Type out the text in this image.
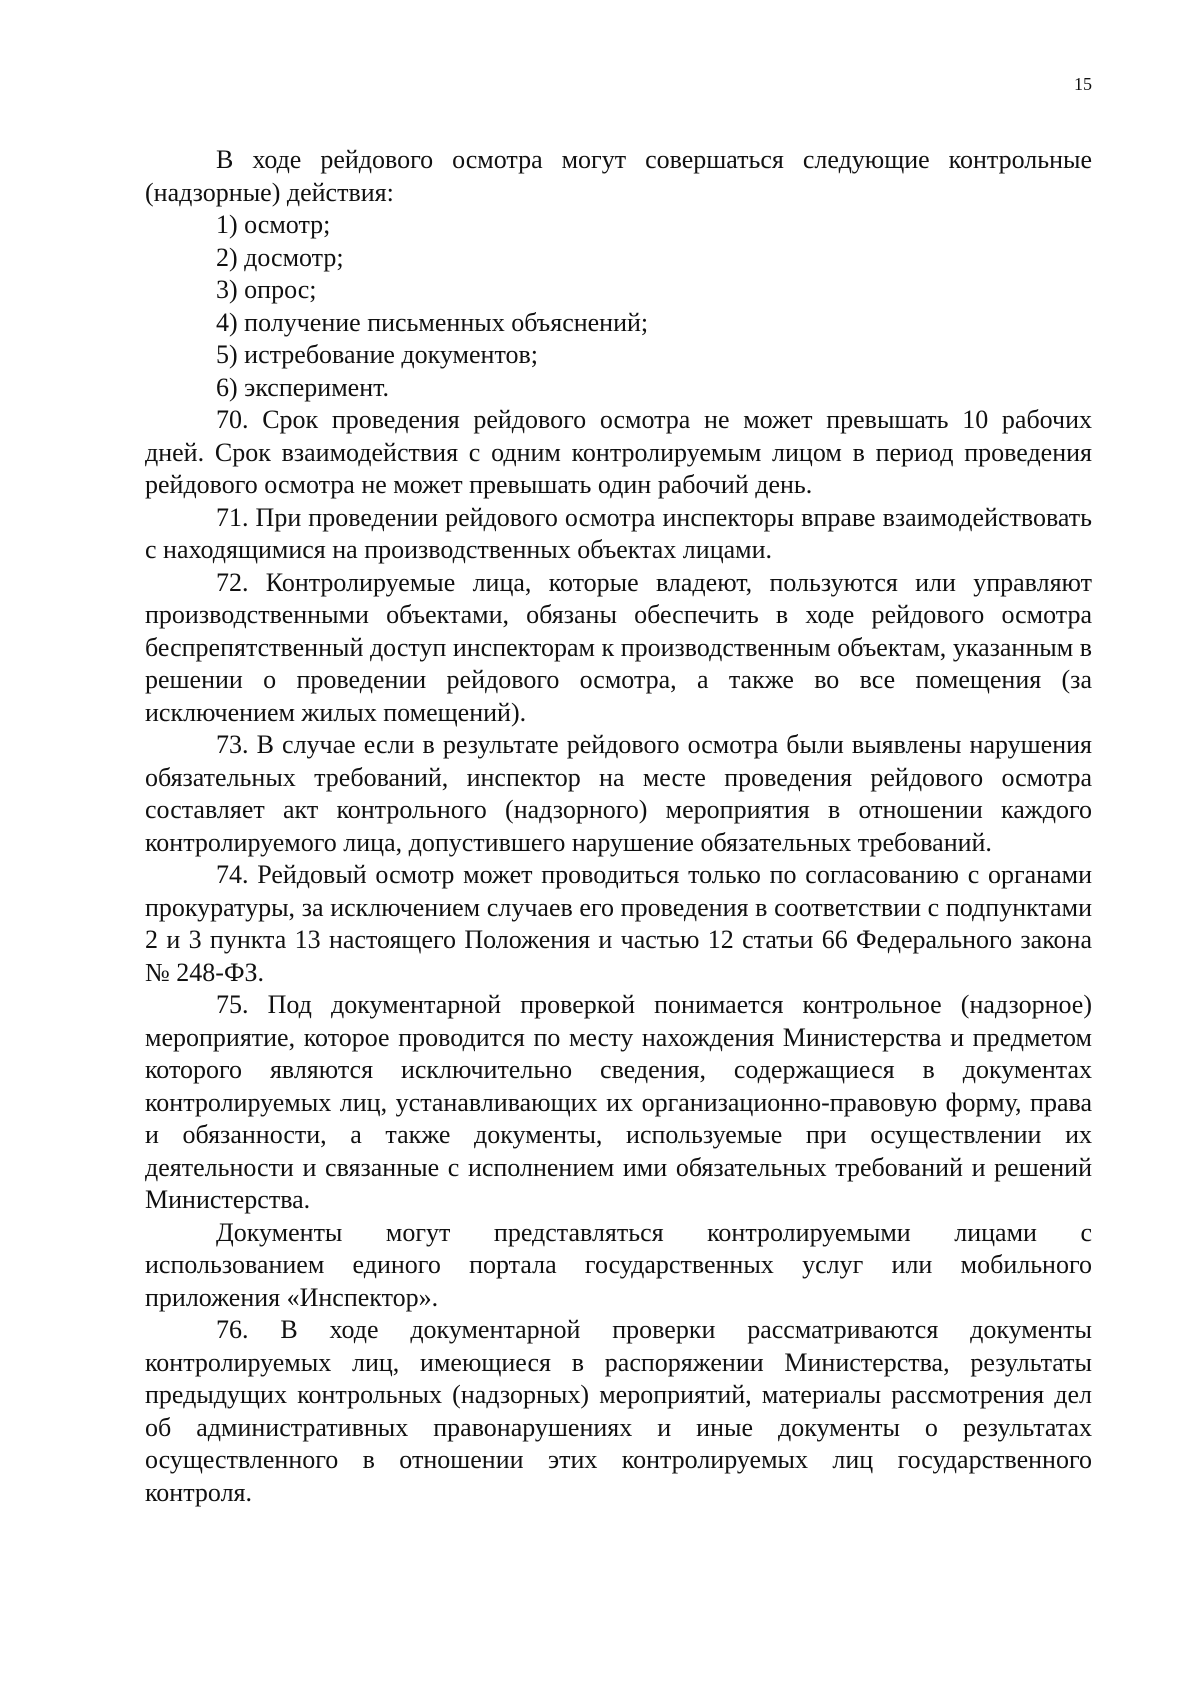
15

В ходе рейдового осмотра могут совершаться следующие контрольные (надзорные) действия:

1) осмотр;

2) досмотр;

3) опрос;

4) получение письменных объяснений;

5) истребование документов;

6) эксперимент.

70. Срок проведения рейдового осмотра не может превышать 10 рабочих дней. Срок взаимодействия с одним контролируемым лицом в период проведения рейдового осмотра не может превышать один рабочий день.

71. При проведении рейдового осмотра инспекторы вправе взаимодействовать с находящимися на производственных объектах лицами.

72. Контролируемые лица, которые владеют, пользуются или управляют производственными объектами, обязаны обеспечить в ходе рейдового осмотра беспрепятственный доступ инспекторам к производственным объектам, указанным в решении о проведении рейдового осмотра, а также во все помещения (за исключением жилых помещений).

73. В случае если в результате рейдового осмотра были выявлены нарушения обязательных требований, инспектор на месте проведения рейдового осмотра составляет акт контрольного (надзорного) мероприятия в отношении каждого контролируемого лица, допустившего нарушение обязательных требований.

74. Рейдовый осмотр может проводиться только по согласованию с органами прокуратуры, за исключением случаев его проведения в соответствии с подпунктами 2 и 3 пункта 13 настоящего Положения и частью 12 статьи 66 Федерального закона № 248-ФЗ.

75. Под документарной проверкой понимается контрольное (надзорное) мероприятие, которое проводится по месту нахождения Министерства и предметом которого являются исключительно сведения, содержащиеся в документах контролируемых лиц, устанавливающих их организационно-правовую форму, права и обязанности, а также документы, используемые при осуществлении их деятельности и связанные с исполнением ими обязательных требований и решений Министерства.

Документы могут представляться контролируемыми лицами с использованием единого портала государственных услуг или мобильного приложения «Инспектор».

76. В ходе документарной проверки рассматриваются документы контролируемых лиц, имеющиеся в распоряжении Министерства, результаты предыдущих контрольных (надзорных) мероприятий, материалы рассмотрения дел об административных правонарушениях и иные документы о результатах осуществленного в отношении этих контролируемых лиц государственного контроля.
